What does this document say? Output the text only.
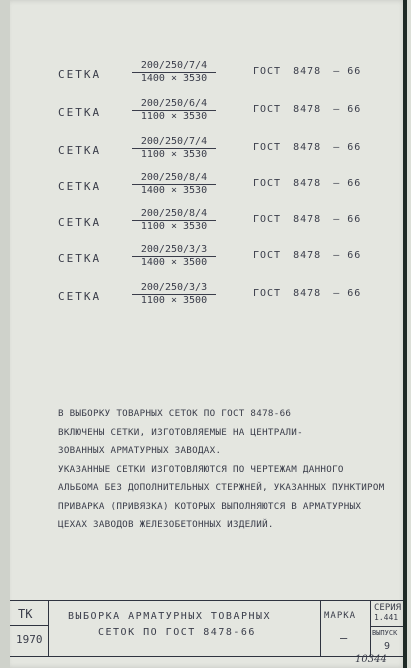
СЕТКА
200/250/7/4
1400 × 3530
ГОСТ 8478 — 66
СЕТКА
200/250/6/4
1100 × 3530
ГОСТ 8478 — 66
СЕТКА
200/250/7/4
1100 × 3530
ГОСТ 8478 — 66
СЕТКА
200/250/8/4
1400 × 3530
ГОСТ 8478 — 66
СЕТКА
200/250/8/4
1100 × 3530
ГОСТ 8478 — 66
СЕТКА
200/250/3/3
1400 × 3500
ГОСТ 8478 — 66
СЕТКА
200/250/3/3
1100 × 3500
ГОСТ 8478 — 66
В ВЫБОРКУ ТОВАРНЫХ СЕТОК ПО ГОСТ 8478-66
ВКЛЮЧЕНЫ СЕТКИ, ИЗГОТОВЛЯЕМЫЕ НА ЦЕНТРАЛИ-
ЗОВАННЫХ АРМАТУРНЫХ ЗАВОДАХ.
УКАЗАННЫЕ СЕТКИ ИЗГОТОВЛЯЮТСЯ ПО ЧЕРТЕЖАМ ДАННОГО
АЛЬБОМА БЕЗ ДОПОЛНИТЕЛЬНЫХ СТЕРЖНЕЙ, УКАЗАННЫХ ПУНКТИРОМ
ПРИВАРКА (ПРИВЯЗКА) КОТОРЫХ ВЫПОЛНЯЮТСЯ В АРМАТУРНЫХ
ЦЕХАХ ЗАВОДОВ ЖЕЛЕЗОБЕТОННЫХ ИЗДЕЛИЙ.
ТК
1970
ВЫБОРКА АРМАТУРНЫХ ТОВАРНЫХ
СЕТОК ПО ГОСТ 8478-66
МАРКА
—
СЕРИЯ
1.441
ВЫПУСК
9
10344
